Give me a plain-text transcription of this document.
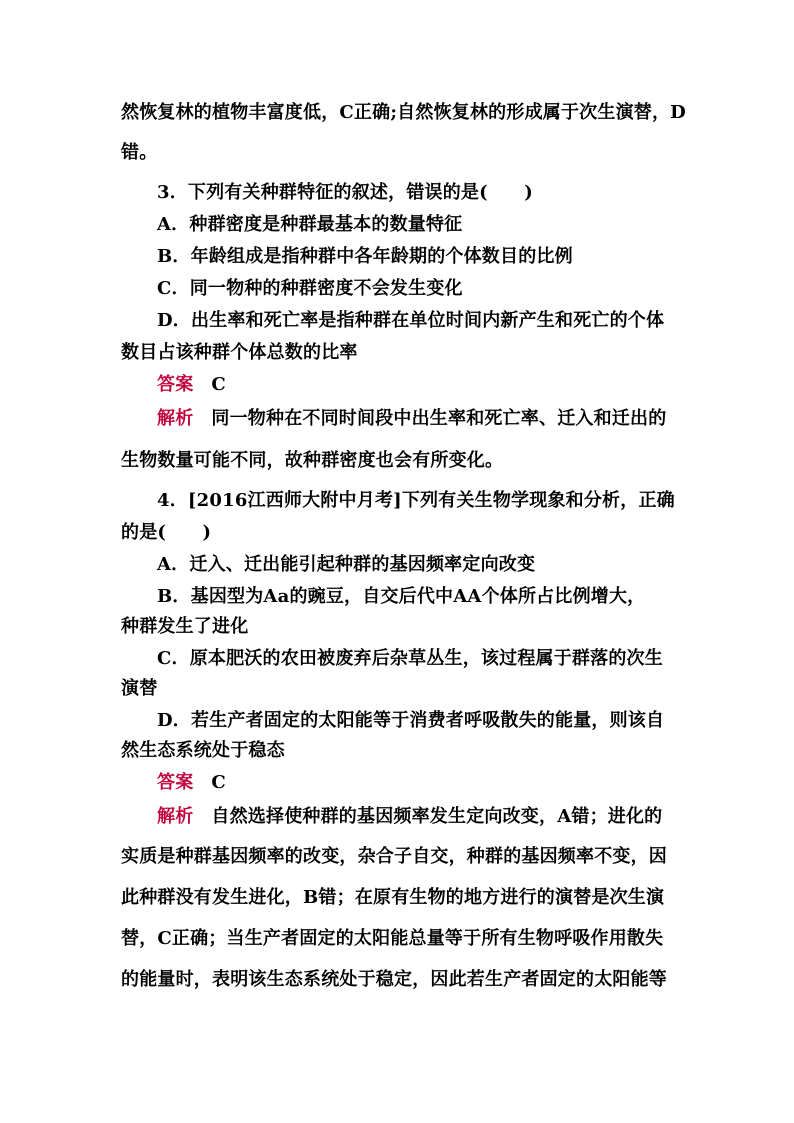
然恢复林的植物丰富度低，C正确;自然恢复林的形成属于次生演替，D
错。
3．下列有关种群特征的叙述，错误的是(　　)
A．种群密度是种群最基本的数量特征
B．年龄组成是指种群中各年龄期的个体数目的比例
C．同一物种的种群密度不会发生变化
D．出生率和死亡率是指种群在单位时间内新产生和死亡的个体
数目占该种群个体总数的比率
答案 C
解析 同一物种在不同时间段中出生率和死亡率、迁入和迁出的
生物数量可能不同，故种群密度也会有所变化。
4．[2016江西师大附中月考]下列有关生物学现象和分析，正确
的是(　　)
A．迁入、迁出能引起种群的基因频率定向改变
B．基因型为Aa的豌豆，自交后代中AA个体所占比例增大，
种群发生了进化
C．原本肥沃的农田被废弃后杂草丛生，该过程属于群落的次生
演替
D．若生产者固定的太阳能等于消费者呼吸散失的能量，则该自
然生态系统处于稳态
答案 C
解析 自然选择使种群的基因频率发生定向改变，A错；进化的
实质是种群基因频率的改变，杂合子自交，种群的基因频率不变，因
此种群没有发生进化，B错；在原有生物的地方进行的演替是次生演
替，C正确；当生产者固定的太阳能总量等于所有生物呼吸作用散失
的能量时，表明该生态系统处于稳定，因此若生产者固定的太阳能等
